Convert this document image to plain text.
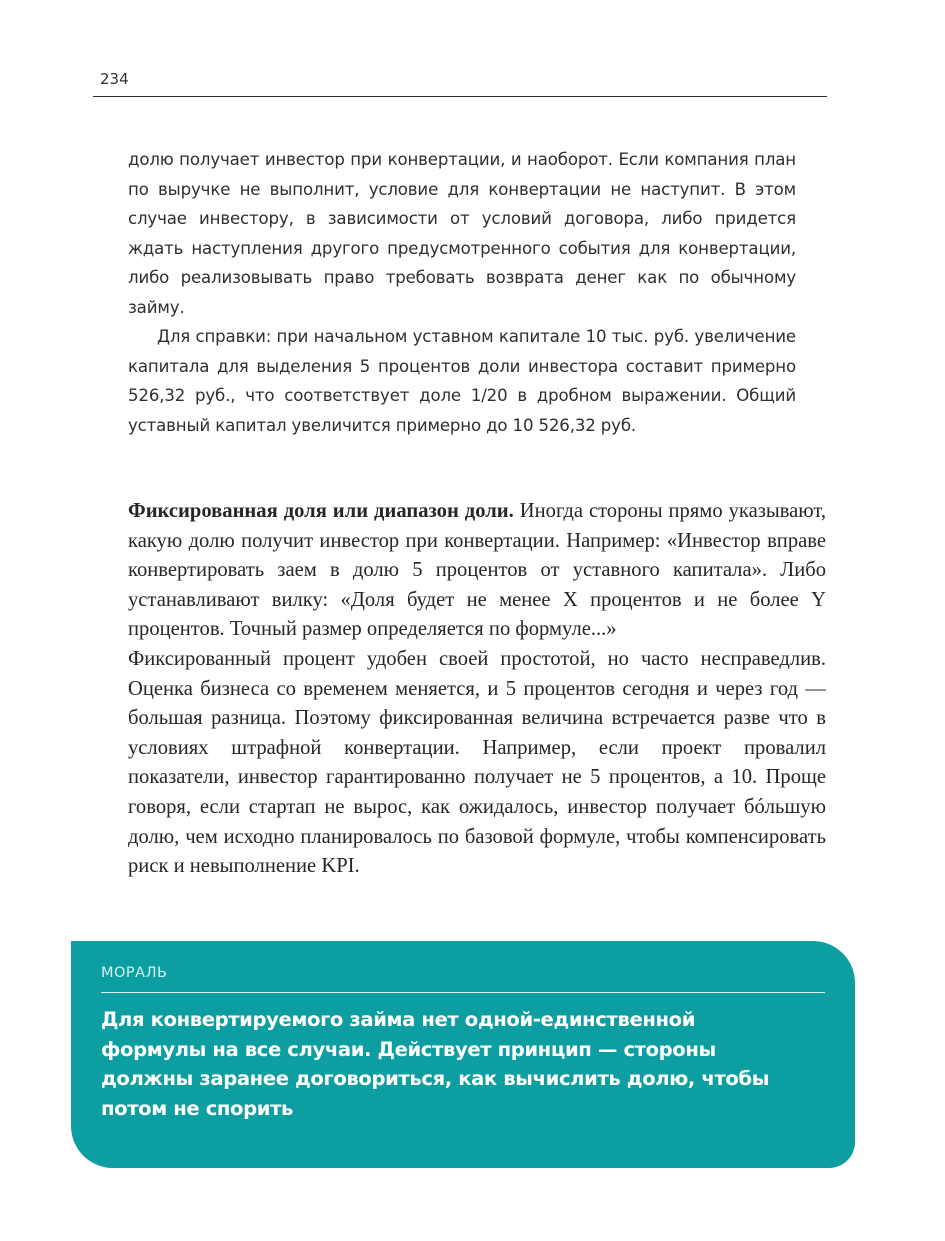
234

долю получает инвестор при конвертации, и наоборот. Если компания план по выручке не выполнит, условие для конвертации не наступит. В этом случае инвестору, в зависимости от условий договора, либо придется ждать наступления другого предусмотренного события для конвертации, либо реализовывать право требовать возврата денег как по обычному займу.

Для справки: при начальном уставном капитале 10 тыс. руб. увеличение капитала для выделения 5 процентов доли инвестора составит примерно 526,32 руб., что соответствует доле 1/20 в дробном выражении. Общий уставный капитал увеличится примерно до 10 526,32 руб.

Фиксированная доля или диапазон доли. Иногда стороны прямо указывают, какую долю получит инвестор при конвертации. Например: «Инвестор вправе конвертировать заем в долю 5 процентов от уставного капитала». Либо устанавливают вилку: «Доля будет не менее X процентов и не более Y процентов. Точный размер определяется по формуле...»

Фиксированный процент удобен своей простотой, но часто несправедлив. Оценка бизнеса со временем меняется, и 5 процентов сегодня и через год — большая разница. Поэтому фиксированная величина встречается разве что в условиях штрафной конвертации. Например, если проект провалил показатели, инвестор гарантированно получает не 5 процентов, а 10. Проще говоря, если стартап не вырос, как ожидалось, инвестор получает бóльшую долю, чем исходно планировалось по базовой формуле, чтобы компенсировать риск и невыполнение KPI.

МОРАЛЬ
Для конвертируемого займа нет одной-единственной формулы на все случаи. Действует принцип — стороны должны заранее договориться, как вычислить долю, чтобы потом не спорить
